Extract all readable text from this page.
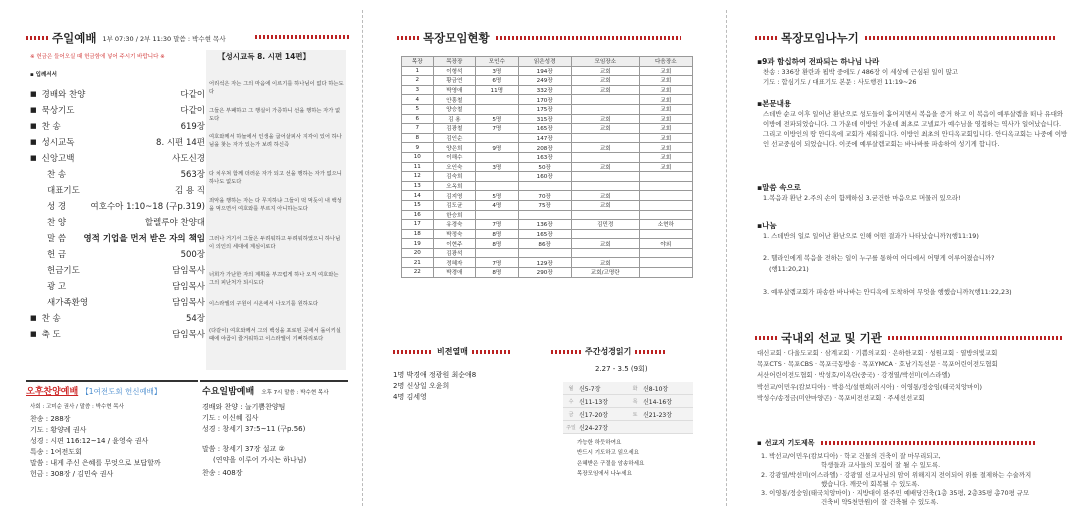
주일예배 1부 07:30 / 2부 11:30 말씀 : 박수현 목사
※ 헌금은 들어오실 때 헌금함에 넣어 주시기 바랍니다 ※	【성시교독 8. 시편 14편】
▪ 입례서서
■ 경배와 찬양	다같이
■ 묵상기도	다같이
■ 찬 송	619장
■ 성시교독	8. 시편 14편
■ 신앙고백	사도신경
찬 송	563장
대표기도	김 용 직
성 경	여호수아 1:10~18 (구p.319)
찬 양	할렐루야 찬양대
말 씀 영적 기업을 먼저 받은 자의 책임
헌 금	500장
헌금기도	담임목사
광 고	담임목사
새가족환영	담임목사
■ 찬 송	54장
■ 축 도	담임목사
어리석은 자는 그의 마음에 이르기를 하나님이 없다 하는도다
그들은 부패하고 그 행실이 가증하니 선을 행하는 자가 없도다
여호와께서 하늘에서 인생을 굽어살피사 지각이 있어 하나님을 찾는 자가 있는가 보려 하신즉
다 치우쳐 함께 더러운 자가 되고 선을 행하는 자가 없으니 하나도 없도다
죄악을 행하는 자는 다 무지하냐 그들이 떡 먹듯이 내 백성을 먹으면서 여호와를 부르지 아니하는도다
그러나 거기서 그들은 두려워하고 두려워하였으니 하나님이 의인의 세대에 계심이로다
너희가 가난한 자의 계획을 부끄럽게 하나 오직 여호와는 그의 피난처가 되시도다
이스라엘의 구원이 시온에서 나오기를 원하도다
(다같이) 여호와께서 그의 백성을 포로된 곳에서 돌이키실 때에 야곱이 즐거워하고 이스라엘이 기뻐하리로다
오후찬양예배 【1여전도회 헌신예배】
사회 : 고미순 권사 / 말씀 : 박수현 목사
찬송 : 288장
기도 : 황양례 권사
성경 : 시편 116:12~14 / 윤영숙 권사
특송 : 1여전도회
말씀 : 내게 주신 은혜를 무엇으로 보답할까
헌금 : 308장 / 김민숙 권사
수요일밤예배 오후 7시 말씀 : 박수현 목사
경배와 찬양 : 늘기쁨찬양팀
기도 : 이신혜 집사
성경 : 창세기 37:5~11 (구p.56)
말씀 : 창세기 37장 설교 ②
(연약을 이루어 가시는 하나님)
찬송 : 408장
목장모임현황
목장	목장장	모인수	읽은성경	모임장소	다음장소
1	이형석	3명	194장	교회	교회
2	황금연	6명	249장	교회	교회
3	박영애	11명	332장	교회	교회
4	안흥철		170장		교회
5	양승철		175장		교회
6	김 용	5명	315장	교회	교회
7	김광철	7명	165장	교회	교회
8	김인순		147장		교회
9	양은희	9명	208장	교회	교회
10	이해수		163장		교회
11	오인숙	3명	50장	교회	교회
12	김숙희		160장		
13	오옥희				
14	김지영	5명	70장	교회	
15	김도균	4명	75장	교회	
16	한승희				
17	유경숙	7명	136장	김민정	소현하
18	박정숙	8명	165장		
19	이현주	8명	86장	교회	야외
20	김광석				
21	정혜자	7명	129장	교회	
22	박경애	8명	290장	교회/고명란	
비전열매
1명 박경애 정광원 최순애8
2명 신상일 오윤희
4명 김세영
주간성경읽기
2.27 - 3.5 (9회)
월 신5-7장	화 신8-10장
수 신11-13장	목 신14-16장
금 신17-20장	토 신21-23장
주일 신24-27장
가능한 하듯하여요
반드시 기도하고 읽으세요
은혜받은 구절을 암송하세요
목장모임에서 나누세요
목장모임나누기
▪9과 함십하여 전파되는 하나님 나라
찬송 : 336장 환란과 핍박 중에도 / 486장 이 세상에 근심된 일이 많고
기도 : 합심기도 / 대표기도 본문 : 사도행전 11:19~26
▪본문내용
스데반 순교 이후 일어난 환난으로 성도들이 흩어지면서 복음을 증거 하고 이 복음이 예루살렘을 떠나 유대와 이방에 전파되었습니다. 그 가운데 이방인 가운데 최초로 고넬료가 예수님을 영접하는 역사가 일어났습니다. 그리고 이방인의 땅 안디옥에 교회가 세워집니다. 이방인 최초의 안디옥교회입니다. 안디옥교회는 나중에 이방인 선교중심이 되었습니다. 이곳에 예루살렘교회는 바나바를 파송하여 성기게 합니다.
▪말씀 속으로
1.복음과 환난 2.주의 손이 함께하심 3.굳건한 마음으로 머물러 있으라!
▪나눔
1. 스데반의 일로 일어난 환난으로 인해 어떤 결과가 나타났습니까?(행11:19)
2. 헬라인에게 복음을 전하는 일이 누구를 통하여 어디에서 어떻게 이루어졌습니까?
(행11:20,21)
3. 예루살렘교회가 파송한 바나바는 안디옥에 도착하여 무엇을 행했습니까?(행11:22,23)
국내외 선교 및 기관
대신교회 · 다울도교회 · 삼계교회 · 기쁨의교회 · 은하한교회 · 성원교회 · 열방의빛교회
목포CTS · 목포CBS · 목포극동방송 · 목포YMCA · 호남기독선문 · 목포어린이전도협회
서산어린이전도협회 · 박성호/이옥란(중국) · 강경열/박선미(이스라엘)
박선교/이민우(캄보디아) · 박용석/설현희(러시아) · 이영통/정숭임(태국치앙마이)
박성수/송정금(미얀마양곤) · 목포비전선교회 · 주세선선교회
▪ 선교지 기도제목
1. 박선교/이민우(캄보디아) · 학교 건물의 건축이 잘 마무리되고,
학생들과 교사들의 모집이 잘 될 수 있도록.
2. 강광열/박선미(이스라엘) · 강광열 선교사님의 암이 위해지지 전이되어 위를 절제하는 수술까지
했습니다. 깨끗이 회복될 수 있도록.
3. 이영통/정숭임(태국치앙마이) · 지방대이 완주민 예배당건축(1층 35평, 2층35평 총70평 규모
건축비 약5천만원)이 잘 건축될 수 있도록.
